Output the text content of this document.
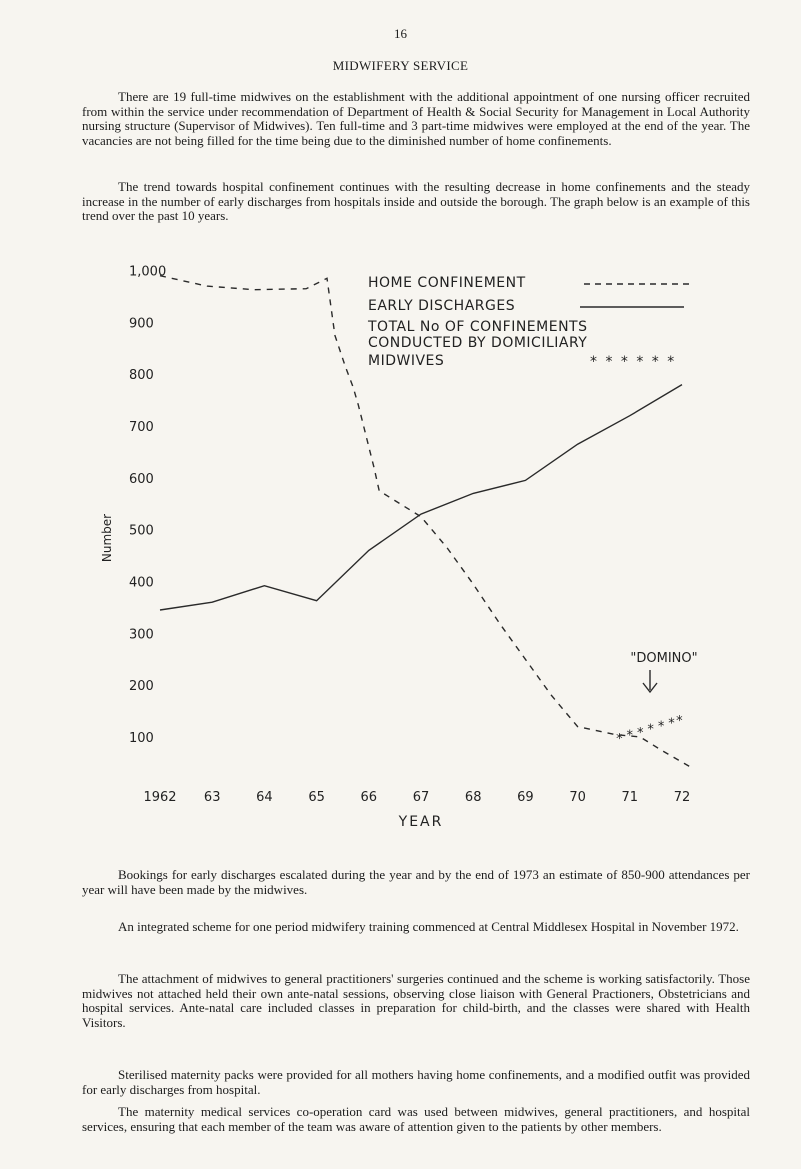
16
MIDWIFERY SERVICE

There are 19 full-time midwives on the establishment with the additional appointment of one nursing officer recruited from within the service under recommendation of Department of Health & Social Security for Management in Local Authority nursing structure (Supervisor of Midwives). Ten full-time and 3 part-time midwives were employed at the end of the year. The vacancies are not being filled for the time being due to the diminished number of home confinements.

The trend towards hospital confinement continues with the resulting decrease in home confinements and the steady increase in the number of early discharges from hospitals inside and outside the borough. The graph below is an example of this trend over the past 10 years.

100
200
300
400
500
600
700
800
900
1,000
1962 63	64	65	66	67	68	69	70	71	72
Number
YEAR
* * * * * * *
HOME CONFINEMENT
EARLY DISCHARGES
TOTAL No OF CONFINEMENTS
CONDUCTED BY DOMICILIARY
MIDWIVES	* * * * * *
"DOMINO"

Bookings for early discharges escalated during the year and by the end of 1973 an estimate of 850-900 attendances per year will have been made by the midwives.

An integrated scheme for one period midwifery training commenced at Central Middlesex Hospital in November 1972.

The attachment of midwives to general practitioners' surgeries continued and the scheme is working satisfactorily. Those midwives not attached held their own ante-natal sessions, observing close liaison with General Practioners, Obstetricians and hospital services. Ante-natal care included classes in preparation for child-birth, and the classes were shared with Health Visitors.

Sterilised maternity packs were provided for all mothers having home confinements, and a modified outfit was provided for early discharges from hospital.

The maternity medical services co-operation card was used between midwives, general practitioners, and hospital services, ensuring that each member of the team was aware of attention given to the patients by other members.
